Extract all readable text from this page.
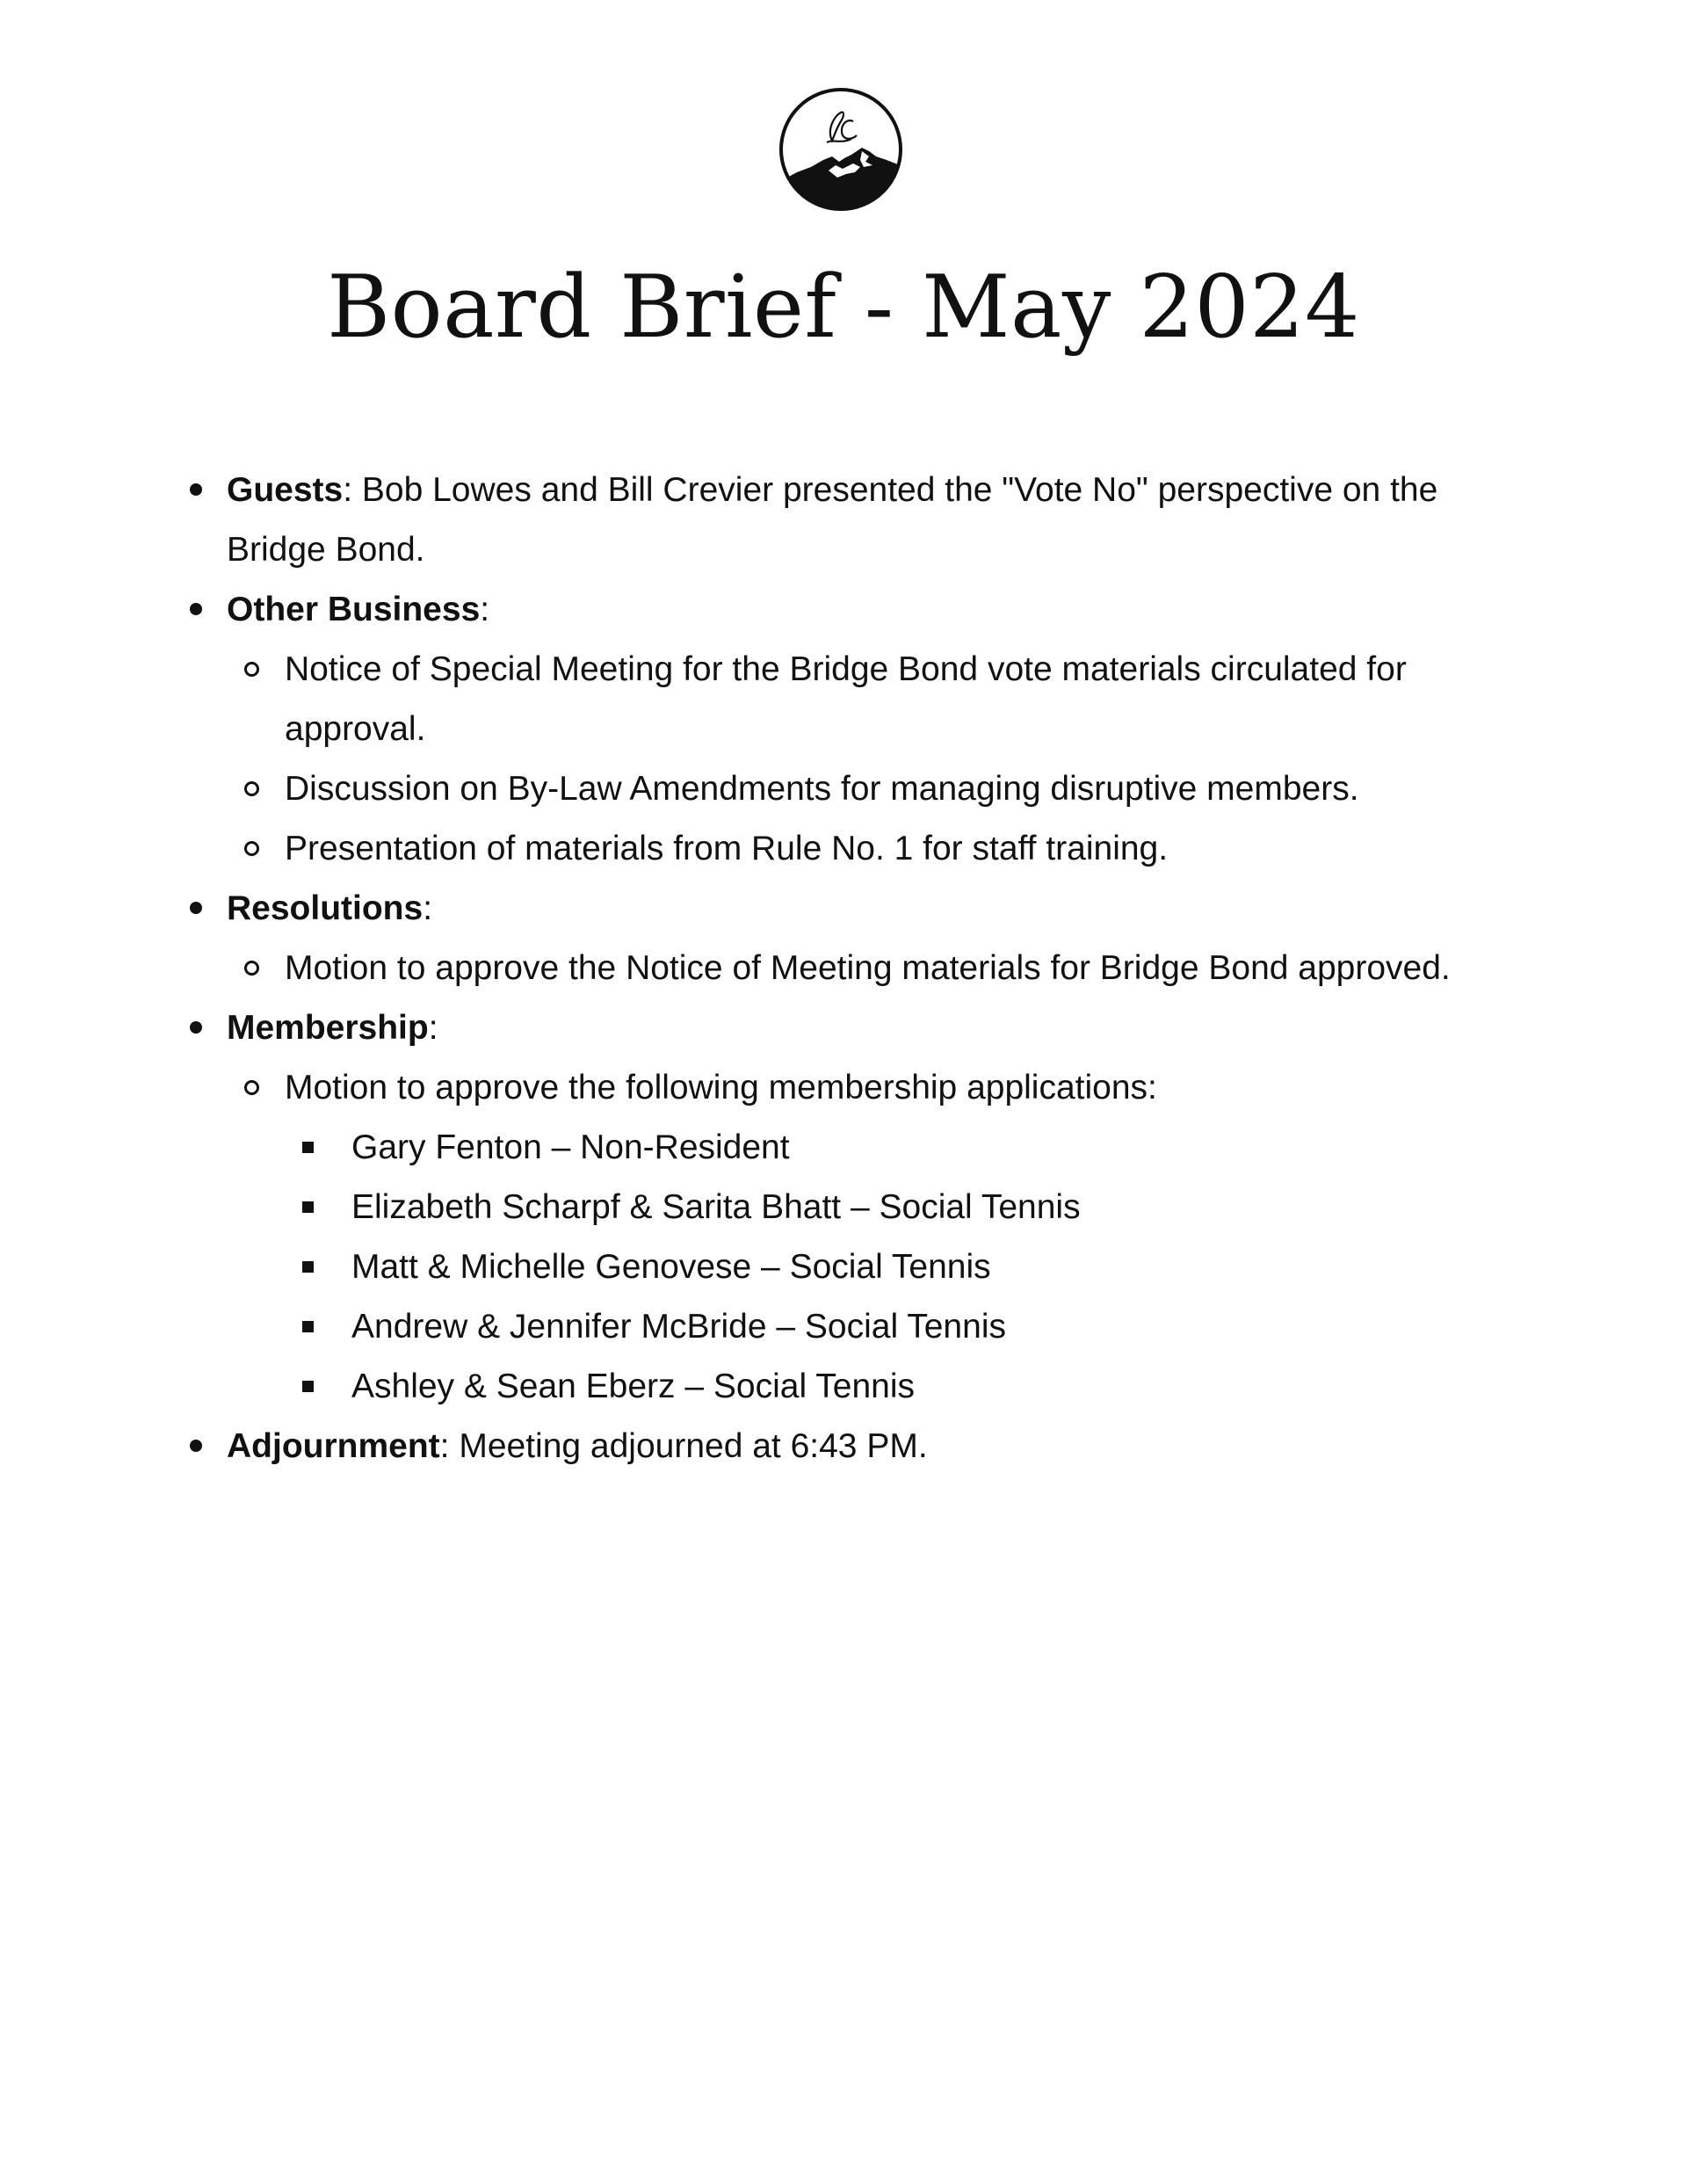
Board Brief - May 2024
Guests: Bob Lowes and Bill Crevier presented the "Vote No" perspective on the Bridge Bond.
Other Business:
Notice of Special Meeting for the Bridge Bond vote materials circulated for approval.
Discussion on By-Law Amendments for managing disruptive members.
Presentation of materials from Rule No. 1 for staff training.
Resolutions:
Motion to approve the Notice of Meeting materials for Bridge Bond approved.
Membership:
Motion to approve the following membership applications:
Gary Fenton – Non-Resident
Elizabeth Scharpf & Sarita Bhatt – Social Tennis
Matt & Michelle Genovese – Social Tennis
Andrew & Jennifer McBride – Social Tennis
Ashley & Sean Eberz – Social Tennis
Adjournment: Meeting adjourned at 6:43 PM.
